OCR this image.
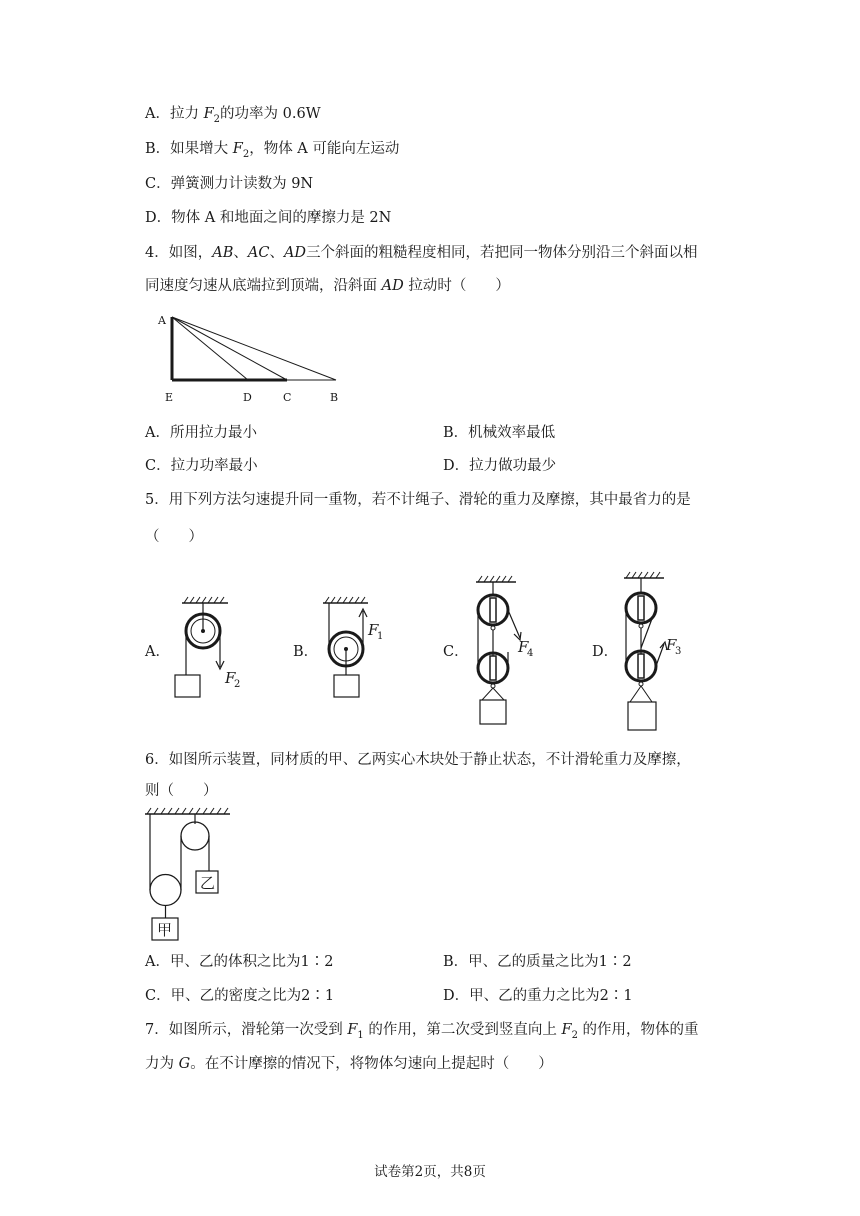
A．拉力 $F_2$的功率为 0.6W
B．如果增大 $F_2$，物体 A 可能向左运动
C．弹簧测力计读数为 9N
D．物体 A 和地面之间的摩擦力是 2N
4．如图，AB、AC、AD三个斜面的粗糙程度相同，若把同一物体分别沿三个斜面以相
同速度匀速从底端拉到顶端，沿斜面 AD 拉动时（　　）
A
E	D	C	B
A．所用拉力最小	B．机械效率最低
C．拉力功率最小	D．拉力做功最少
5．用下列方法匀速提升同一重物，若不计绳子、滑轮的重力及摩擦，其中最省力的是
（　　）
A．	B．	C．	D．
F
2
F
1
F
4	F
3
6．如图所示装置，同材质的甲、乙两实心木块处于静止状态，不计滑轮重力及摩擦，
则（　　）
乙
甲
A．甲、乙的体积之比为1∶2	B．甲、乙的质量之比为1∶2
C．甲、乙的密度之比为2∶1	D．甲、乙的重力之比为2∶1
7．如图所示，滑轮第一次受到 $F_1$ 的作用，第二次受到竖直向上 $F_2$ 的作用，物体的重
力为 G。在不计摩擦的情况下，将物体匀速向上提起时（　　）
试卷第2页，共8页
